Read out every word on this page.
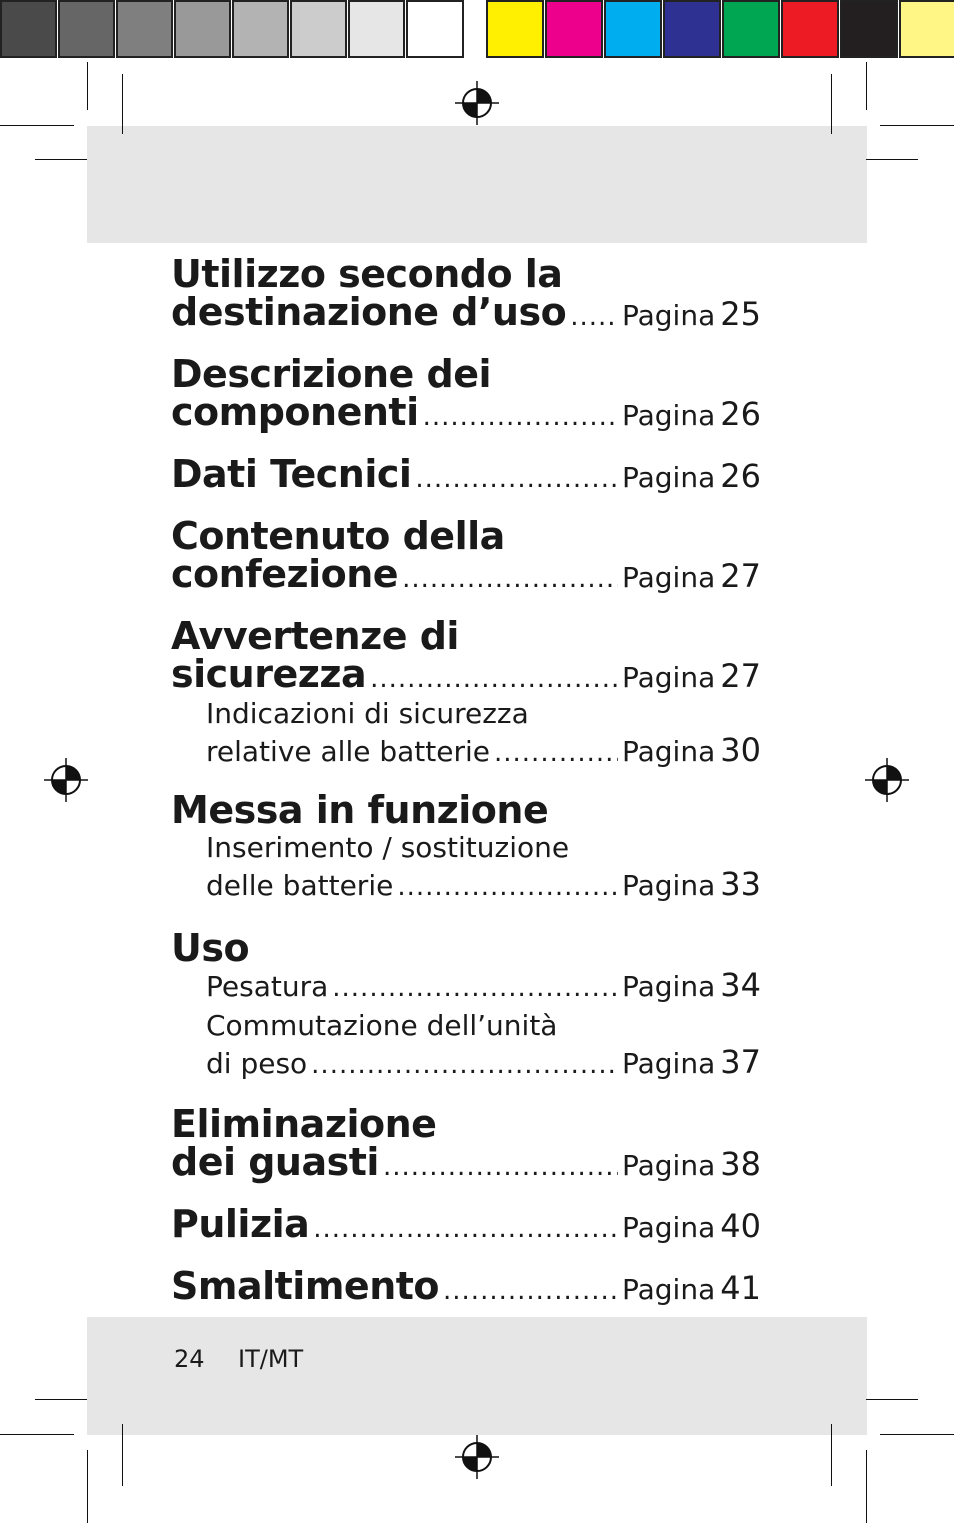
Utilizzo secondo la
destinazione d’uso ..... Pagina 25
Descrizione dei
componenti .....	Pagina 26
Dati Tecnici .....	Pagina 26
Contenuto della
confezione .....	Pagina 27
Avvertenze di
sicurezza .....	Pagina 27
Indicazioni di sicurezza
relative alle batterie .....	Pagina 30
Messa in funzione
Inserimento / sostituzione
delle batterie .....	Pagina 33
Uso
Pesatura .....	Pagina 34
Commutazione dell’unità
di peso .....	Pagina 37
Eliminazione
dei guasti .....	Pagina 38
Pulizia .....	Pagina 40
Smaltimento .....	Pagina 41
24 IT/MT
